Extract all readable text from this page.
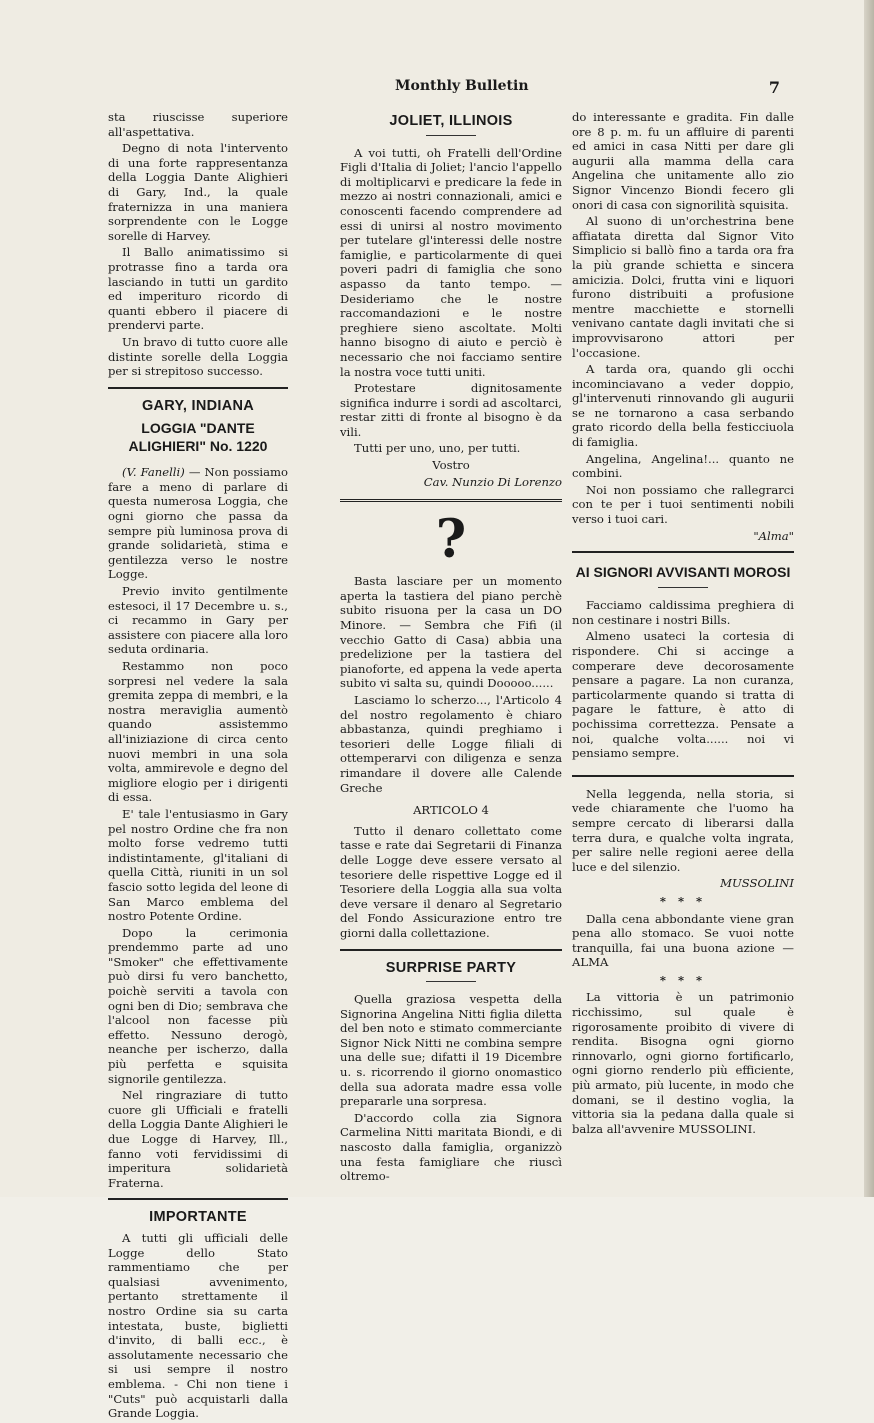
Monthly Bulletin	7

sta riuscisse superiore all'aspettativa.

Degno di nota l'intervento di una forte rappresentanza della Loggia Dante Alighieri di Gary, Ind., la quale fraternizza in una maniera sorprendente con le Logge sorelle di Harvey.

Il Ballo animatissimo si protrasse fino a tarda ora lasciando in tutti un gardito ed imperituro ricordo di quanti ebbero il piacere di prendervi parte.

Un bravo di tutto cuore alle distinte sorelle della Loggia per si strepitoso successo.

GARY, INDIANA
LOGGIA "DANTE ALIGHIERI" No. 1220

(V. Fanelli) — Non possiamo fare a meno di parlare di questa numerosa Loggia, che ogni giorno che passa da sempre più luminosa prova di grande solidarietà, stima e gentilezza verso le nostre Logge.

Previo invito gentilmente estesoci, il 17 Decembre u. s., ci recammo in Gary per assistere con piacere alla loro seduta ordinaria.

Restammo non poco sorpresi nel vedere la sala gremita zeppa di membri, e la nostra meraviglia aumentò quando assistemmo all'iniziazione di circa cento nuovi membri in una sola volta, ammirevole e degno del migliore elogio per i dirigenti di essa.

E' tale l'entusiasmo in Gary pel nostro Ordine che fra non molto forse vedremo tutti indistintamente, gl'italiani di quella Città, riuniti in un sol fascio sotto legida del leone di San Marco emblema del nostro Potente Ordine.

Dopo la cerimonia prendemmo parte ad uno "Smoker" che effettivamente può dirsi fu vero banchetto, poichè serviti a tavola con ogni ben di Dio; sembrava che l'alcool non facesse più effetto. Nessuno derogò, neanche per ischerzo, dalla più perfetta e squisita signorile gentilezza.

Nel ringraziare di tutto cuore gli Ufficiali e fratelli della Loggia Dante Alighieri le due Logge di Harvey, Ill., fanno voti fervidissimi di imperitura solidarietà Fraterna.

IMPORTANTE

A tutti gli ufficiali delle Logge dello Stato rammentiamo che per qualsiasi avvenimento, pertanto strettamente il nostro Ordine sia su carta intestata, buste, biglietti d'invito, di balli ecc., è assolutamente necessario che si usi sempre il nostro emblema. - Chi non tiene i "Cuts" può acquistarli dalla Grande Loggia.

JOLIET, ILLINOIS

A voi tutti, oh Fratelli dell'Ordine Figli d'Italia di Joliet; l'ancio l'appello di moltiplicarvi e predicare la fede in mezzo ai nostri connazionali, amici e conoscenti facendo comprendere ad essi di unirsi al nostro movimento per tutelare gl'interessi delle nostre famiglie, e particolarmente di quei poveri padri di famiglia che sono aspasso da tanto tempo. — Desideriamo che le nostre raccomandazioni e le nostre preghiere sieno ascoltate. Molti hanno bisogno di aiuto e perciò è necessario che noi facciamo sentire la nostra voce tutti uniti.

Protestare dignitosamente significa indurre i sordi ad ascoltarci, restar zitti di fronte al bisogno è da vili.

Tutti per uno, uno, per tutti.

Vostro

Cav. Nunzio Di Lorenzo

?

Basta lasciare per un momento aperta la tastiera del piano perchè subito risuona per la casa un DO Minore. — Sembra che Fifi (il vecchio Gatto di Casa) abbia una predelizione per la tastiera del pianoforte, ed appena la vede aperta subito vi salta su, quindi Dooooo......

Lasciamo lo scherzo..., l'Articolo 4 del nostro regolamento è chiaro abbastanza, quindi preghiamo i tesorieri delle Logge filiali di ottemperarvi con diligenza e senza rimandare il dovere alle Calende Greche

ARTICOLO 4

Tutto il denaro collettato come tasse e rate dai Segretarii di Finanza delle Logge deve essere versato al tesoriere delle rispettive Logge ed il Tesoriere della Loggia alla sua volta deve versare il denaro al Segretario del Fondo Assicurazione entro tre giorni dalla collettazione.

SURPRISE PARTY

Quella graziosa vespetta della Signorina Angelina Nitti figlia diletta del ben noto e stimato commerciante Signor Nick Nitti ne combina sempre una delle sue; difatti il 19 Dicembre u. s. ricorrendo il giorno onomastico della sua adorata madre essa volle prepararle una sorpresa.

D'accordo colla zia Signora Carmelina Nitti maritata Biondi, e di nascosto dalla famiglia, organizzò una festa famigliare che riuscì oltremo-

do interessante e gradita. Fin dalle ore 8 p. m. fu un affluire di parenti ed amici in casa Nitti per dare gli augurii alla mamma della cara Angelina che unitamente allo zio Signor Vincenzo Biondi fecero gli onori di casa con signorilità squisita.

Al suono di un'orchestrina bene affiatata diretta dal Signor Vito Simplicio si ballò fino a tarda ora fra la più grande schietta e sincera amicizia. Dolci, frutta vini e liquori furono distribuiti a profusione mentre macchiette e stornelli venivano cantate dagli invitati che si improvvisarono attori per l'occasione.

A tarda ora, quando gli occhi incominciavano a veder doppio, gl'intervenuti rinnovando gli augurii se ne tornarono a casa serbando grato ricordo della bella festicciuola di famiglia.

Angelina, Angelina!... quanto ne combini.

Noi non possiamo che rallegrarci con te per i tuoi sentimenti nobili verso i tuoi cari.

"Alma"

AI SIGNORI AVVISANTI MOROSI

Facciamo caldissima preghiera di non cestinare i nostri Bills.

Almeno usateci la cortesia di rispondere. Chi si accinge a comperare deve decorosamente pensare a pagare. La non curanza, particolarmente quando si tratta di pagare le fatture, è atto di pochissima correttezza. Pensate a noi, qualche volta...... noi vi pensiamo sempre.

Nella leggenda, nella storia, si vede chiaramente che l'uomo ha sempre cercato di liberarsi dalla terra dura, e qualche volta ingrata, per salire nelle regioni aeree della luce e del silenzio.

MUSSOLINI

* * *

Dalla cena abbondante viene gran pena allo stomaco. Se vuoi notte tranquilla, fai una buona azione —ALMA

* * *

La vittoria è un patrimonio ricchissimo, sul quale è rigorosamente proibito di vivere di rendita. Bisogna ogni giorno rinnovarlo, ogni giorno fortificarlo, ogni giorno renderlo più efficiente, più armato, più lucente, in modo che domani, se il destino voglia, la vittoria sia la pedana dalla quale si balza all'avvenire MUSSOLINI.
